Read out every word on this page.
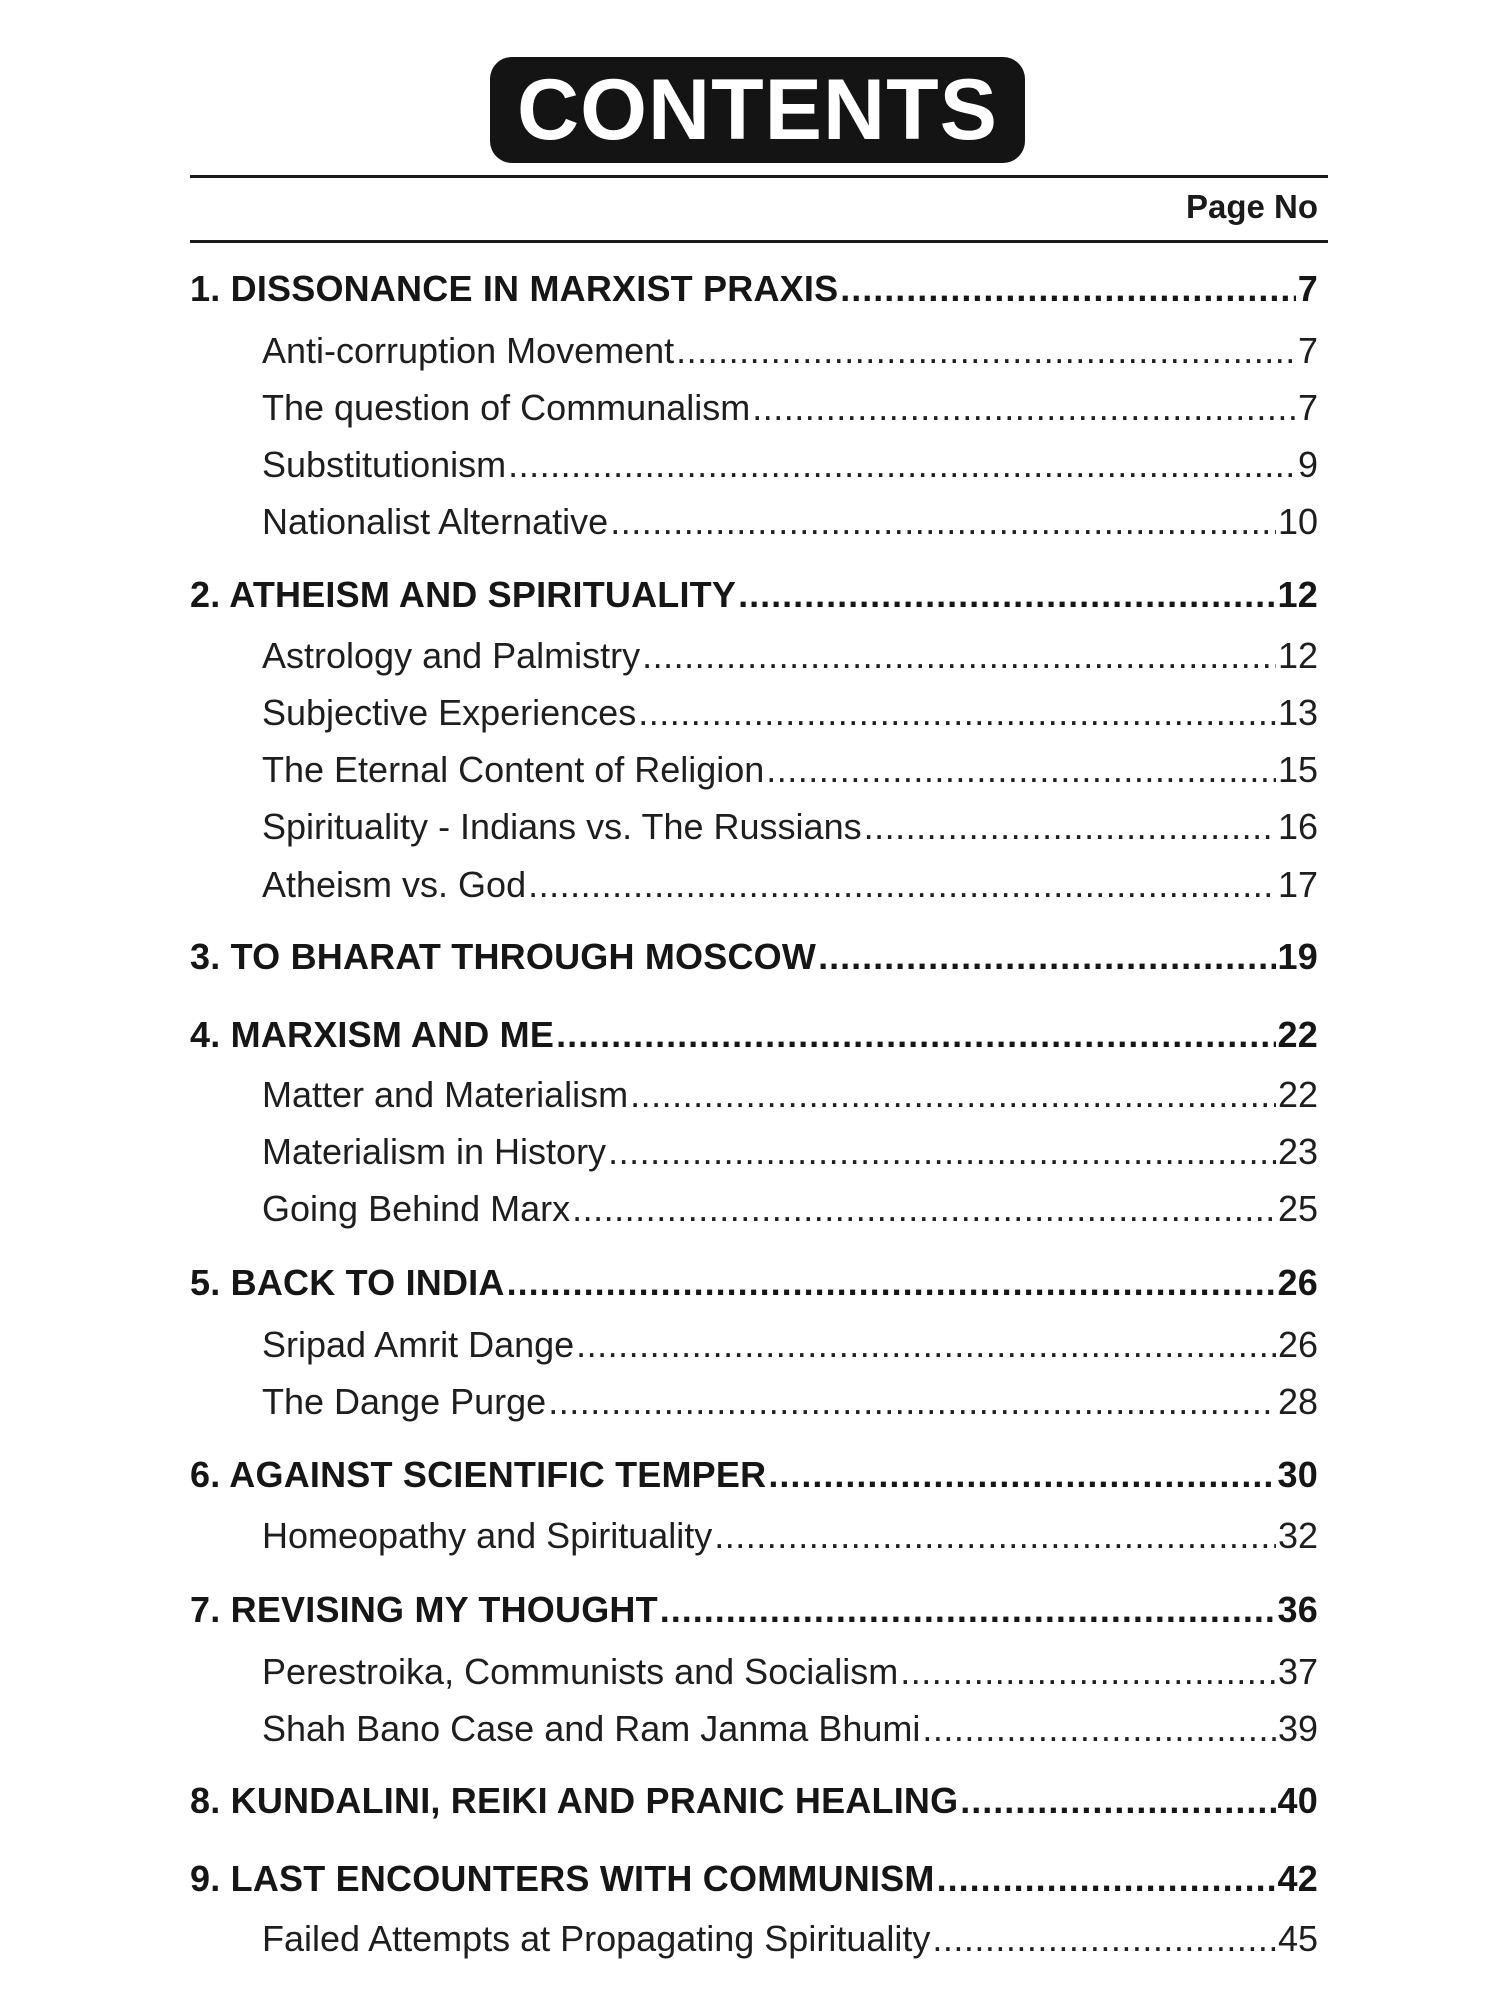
CONTENTS
Page No
1. DISSONANCE IN MARXIST PRAXIS .....	7
Anti-corruption Movement .....	7
The question of Communalism .....	7
Substitutionism .....	9
Nationalist Alternative .....	10
2. ATHEISM AND SPIRITUALITY .....	12
Astrology and Palmistry .....	12
Subjective Experiences .....	13
The Eternal Content of Religion .....	15
Spirituality - Indians vs. The Russians .....	16
Atheism vs. God .....	17
3. TO BHARAT THROUGH MOSCOW .....	19
4. MARXISM AND ME .....	22
Matter and Materialism .....	22
Materialism in History .....	23
Going Behind Marx .....	25
5. BACK TO INDIA .....	26
Sripad Amrit Dange .....	26
The Dange Purge .....	28
6. AGAINST SCIENTIFIC TEMPER .....	30
Homeopathy and Spirituality .....	32
7. REVISING MY THOUGHT .....	36
Perestroika, Communists and Socialism .....	37
Shah Bano Case and Ram Janma Bhumi .....	39
8. KUNDALINI, REIKI AND PRANIC HEALING .....	40
9. LAST ENCOUNTERS WITH COMMUNISM .....	42
Failed Attempts at Propagating Spirituality .....	45
